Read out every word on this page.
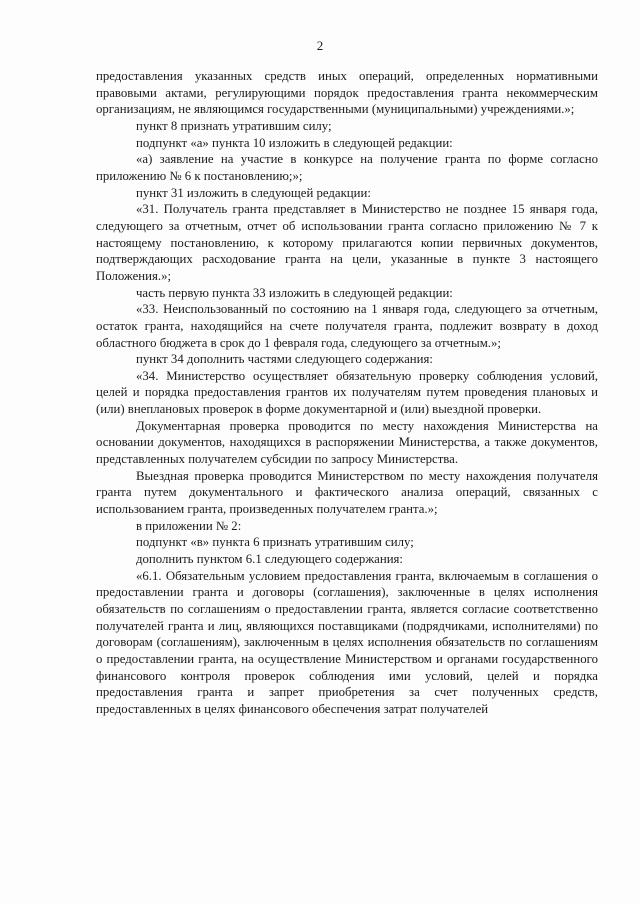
2

предоставления указанных средств иных операций, определенных нормативными правовыми актами, регулирующими порядок предоставления гранта некоммерческим организациям, не являющимся государственными (муниципальными) учреждениями.»;

пункт 8 признать утратившим силу;

подпункт «а» пункта 10 изложить в следующей редакции:

«а) заявление на участие в конкурсе на получение гранта по форме согласно приложению № 6 к постановлению;»;

пункт 31 изложить в следующей редакции:

«31. Получатель гранта представляет в Министерство не позднее 15 января года, следующего за отчетным, отчет об использовании гранта согласно приложению № 7 к настоящему постановлению, к которому прилагаются копии первичных документов, подтверждающих расходование гранта на цели, указанные в пункте 3 настоящего Положения.»;

часть первую пункта 33 изложить в следующей редакции:

«33. Неиспользованный по состоянию на 1 января года, следующего за отчетным, остаток гранта, находящийся на счете получателя гранта, подлежит возврату в доход областного бюджета в срок до 1 февраля года, следующего за отчетным.»;

пункт 34 дополнить частями следующего содержания:

«34. Министерство осуществляет обязательную проверку соблюдения условий, целей и порядка предоставления грантов их получателям путем проведения плановых и (или) внеплановых проверок в форме документарной и (или) выездной проверки.

Документарная проверка проводится по месту нахождения Министерства на основании документов, находящихся в распоряжении Министерства, а также документов, представленных получателем субсидии по запросу Министерства.

Выездная проверка проводится Министерством по месту нахождения получателя гранта путем документального и фактического анализа операций, связанных с использованием гранта, произведенных получателем гранта.»;

в приложении № 2:

подпункт «в» пункта 6 признать утратившим силу;

дополнить пунктом 6.1 следующего содержания:

«6.1. Обязательным условием предоставления гранта, включаемым в соглашения о предоставлении гранта и договоры (соглашения), заключенные в целях исполнения обязательств по соглашениям о предоставлении гранта, является согласие соответственно получателей гранта и лиц, являющихся поставщиками (подрядчиками, исполнителями) по договорам (соглашениям), заключенным в целях исполнения обязательств по соглашениям о предоставлении гранта, на осуществление Министерством и органами государственного финансового контроля проверок соблюдения ими условий, целей и порядка предоставления гранта и запрет приобретения за счет полученных средств, предоставленных в целях финансового обеспечения затрат получателей
